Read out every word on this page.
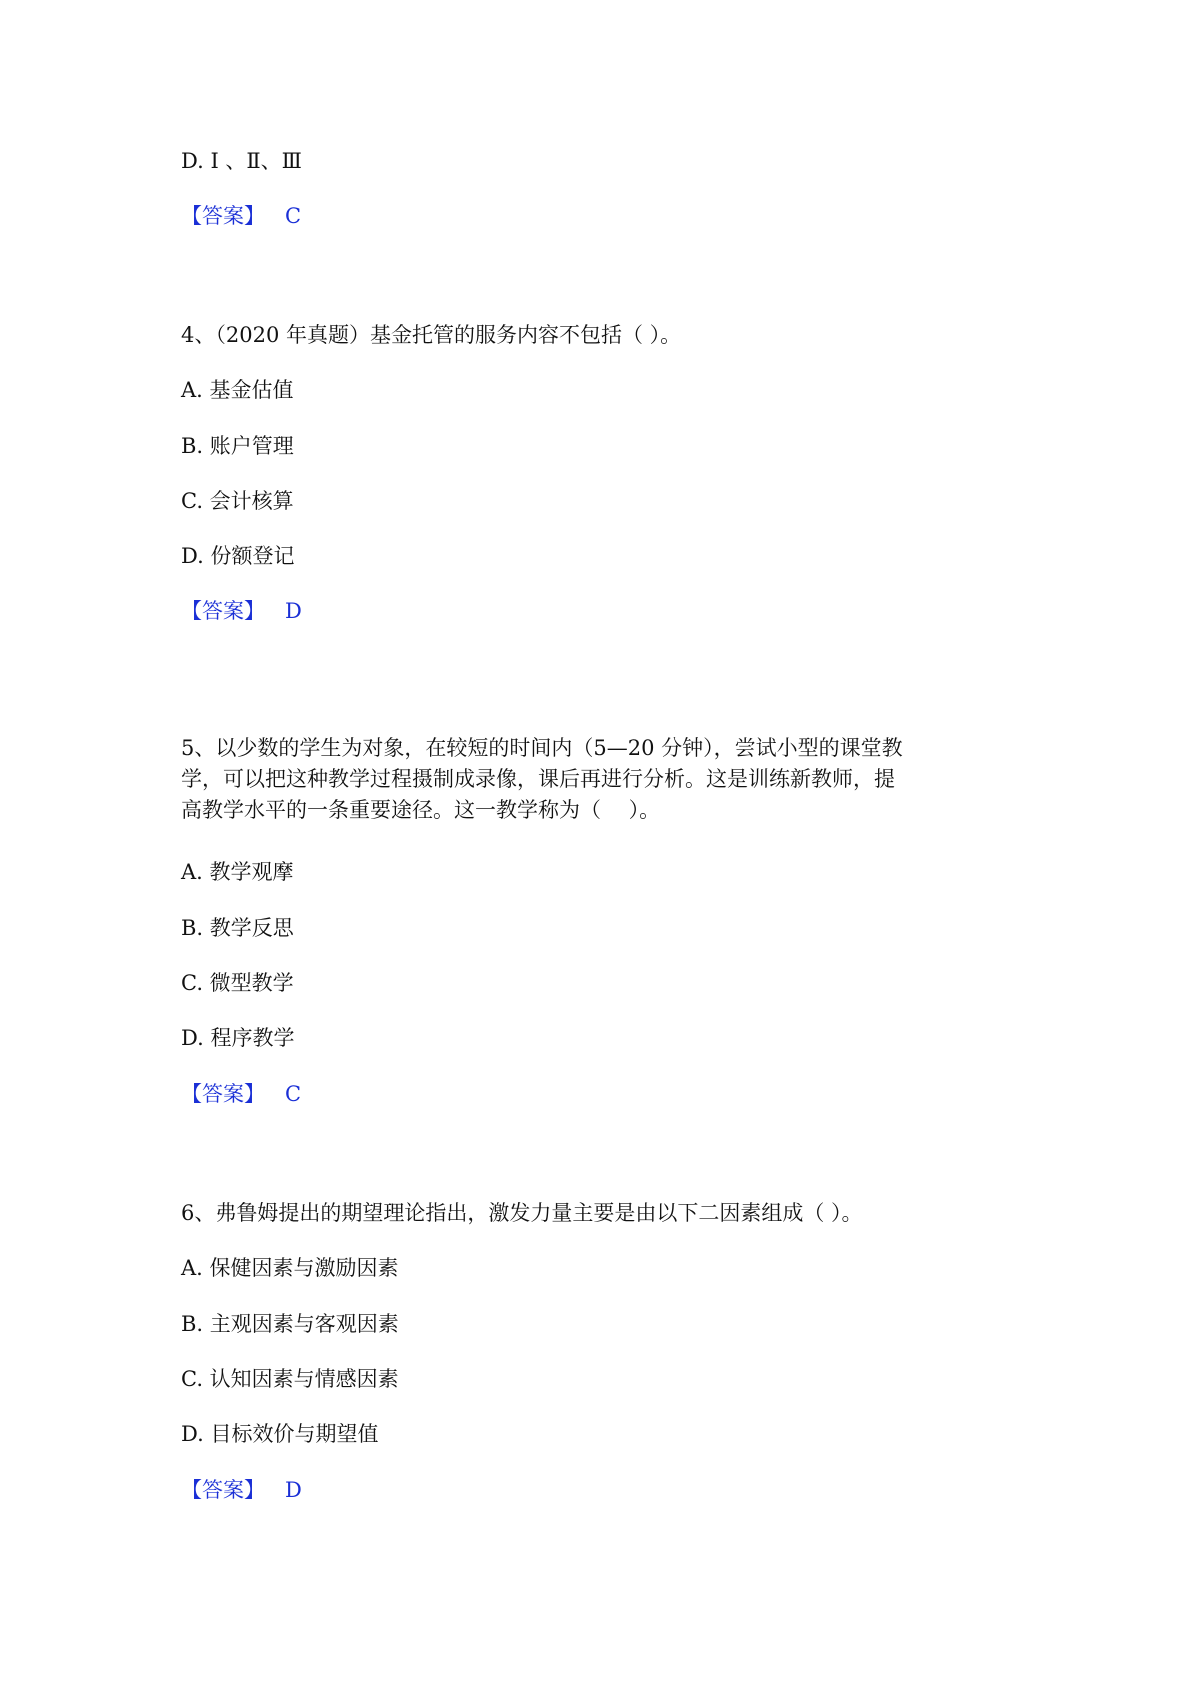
D. Ⅰ 、Ⅱ、Ⅲ
【答案】 C
4、（2020 年真题）基金托管的服务内容不包括（ ）。
A. 基金估值
B. 账户管理
C. 会计核算
D. 份额登记
【答案】 D
5、以少数的学生为对象，在较短的时间内（5—20 分钟），尝试小型的课堂教
学，可以把这种教学过程摄制成录像，课后再进行分析。这是训练新教师，提
高教学水平的一条重要途径。这一教学称为（　 ）。
A. 教学观摩
B. 教学反思
C. 微型教学
D. 程序教学
【答案】 C
6、弗鲁姆提出的期望理论指出，激发力量主要是由以下二因素组成（ ）。
A. 保健因素与激励因素
B. 主观因素与客观因素
C. 认知因素与情感因素
D. 目标效价与期望值
【答案】 D
